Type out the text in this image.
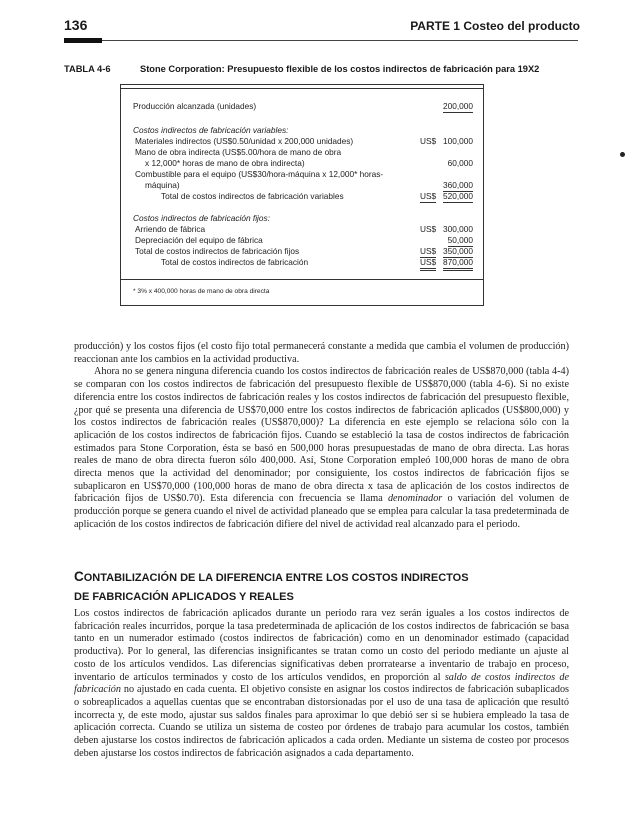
136	PARTE 1 Costeo del producto
TABLA 4-6	Stone Corporation: Presupuesto flexible de los costos indirectos de fabricación para 19X2
Producción alcanzada (unidades)	200,000
Costos indirectos de fabricación variables:
Materiales indirectos (US$0.50/unidad x 200,000 unidades)	US$ 100,000
Mano de obra indirecta (US$5.00/hora de mano de obra
x 12,000* horas de mano de obra indirecta)	60,000
Combustible para el equipo (US$30/hora-máquina x 12,000* horas-
máquina)	360,000
Total de costos indirectos de fabricación variables	US$ 520,000
Costos indirectos de fabricación fijos:
Arriendo de fábrica	US$ 300,000
Depreciación del equipo de fábrica	50,000
Total de costos indirectos de fabricación fijos	US$ 350,000
Total de costos indirectos de fabricación	US$ 870,000
* 3% x 400,000 horas de mano de obra directa

producción) y los costos fijos (el costo fijo total permanecerá constante a medida que cambia el volumen de producción) reaccionan ante los cambios en la actividad productiva.

Ahora no se genera ninguna diferencia cuando los costos indirectos de fabricación reales de US$870,000 (tabla 4-4) se comparan con los costos indirectos de fabricación del presupuesto flexible de US$870,000 (tabla 4-6). Si no existe diferencia entre los costos indirectos de fabricación reales y los costos indirectos de fabricación del presupuesto flexible, ¿por qué se presenta una diferencia de US$70,000 entre los costos indirectos de fabricación aplicados (US$800,000) y los costos indirectos de fabricación reales (US$870,000)? La diferencia en este ejemplo se relaciona sólo con la aplicación de los costos indirectos de fabricación fijos. Cuando se estableció la tasa de costos indirectos de fabricación estimados para Stone Corporation, ésta se basó en 500,000 horas presupuestadas de mano de obra directa. Las horas reales de mano de obra directa fueron sólo 400,000. Así, Stone Corporation empleó 100,000 horas de mano de obra directa menos que la actividad del denominador; por consiguiente, los costos indirectos de fabricación fijos se subaplicaron en US$70,000 (100,000 horas de mano de obra directa x tasa de aplicación de los costos indirectos de fabricación fijos de US$0.70). Esta diferencia con frecuencia se llama denominador o variación del volumen de producción porque se genera cuando el nivel de actividad planeado que se emplea para calcular la tasa predeterminada de aplicación de los costos indirectos de fabricación difiere del nivel de actividad real alcanzado para el periodo.

CONTABILIZACIÓN DE LA DIFERENCIA ENTRE LOS COSTOS INDIRECTOS
DE FABRICACIÓN APLICADOS Y REALES

Los costos indirectos de fabricación aplicados durante un periodo rara vez serán iguales a los costos indirectos de fabricación reales incurridos, porque la tasa predeterminada de aplicación de los costos indirectos de fabricación se basa tanto en un numerador estimado (costos indirectos de fabricación) como en un denominador estimado (capacidad productiva). Por lo general, las diferencias insignificantes se tratan como un costo del periodo mediante un ajuste al costo de los artículos vendidos. Las diferencias significativas deben prorratearse a inventario de trabajo en proceso, inventario de artículos terminados y costo de los artículos vendidos, en proporción al saldo de costos indirectos de fabricación no ajustado en cada cuenta. El objetivo consiste en asignar los costos indirectos de fabricación subaplicados o sobreaplicados a aquellas cuentas que se encontraban distorsionadas por el uso de una tasa de aplicación que resultó incorrecta y, de este modo, ajustar sus saldos finales para aproximar lo que debió ser si se hubiera empleado la tasa de aplicación correcta. Cuando se utiliza un sistema de costeo por órdenes de trabajo para acumular los costos, también deben ajustarse los costos indirectos de fabricación aplicados a cada orden. Mediante un sistema de costeo por procesos deben ajustarse los costos indirectos de fabricación asignados a cada departamento.
